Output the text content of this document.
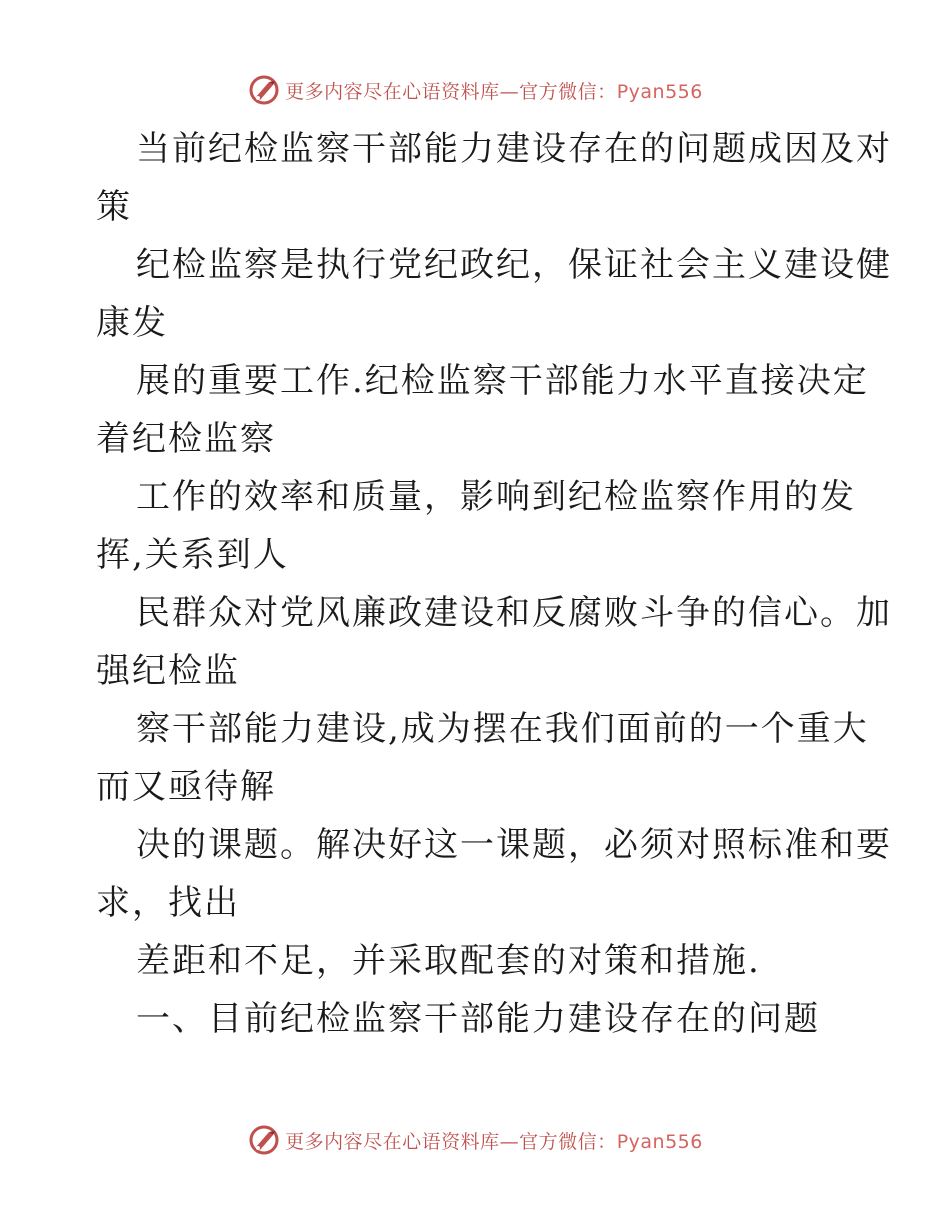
更多内容尽在心语资料库—官方微信：Pyan556
当前纪检监察干部能力建设存在的问题成因及对
策
纪检监察是执行党纪政纪，保证社会主义建设健
康发
展的重要工作.纪检监察干部能力水平直接决定
着纪检监察
工作的效率和质量，影响到纪检监察作用的发
挥,关系到人
民群众对党风廉政建设和反腐败斗争的信心。加
强纪检监
察干部能力建设,成为摆在我们面前的一个重大
而又亟待解
决的课题。解决好这一课题，必须对照标准和要
求，找出
差距和不足，并采取配套的对策和措施.
一、目前纪检监察干部能力建设存在的问题
更多内容尽在心语资料库—官方微信：Pyan556
